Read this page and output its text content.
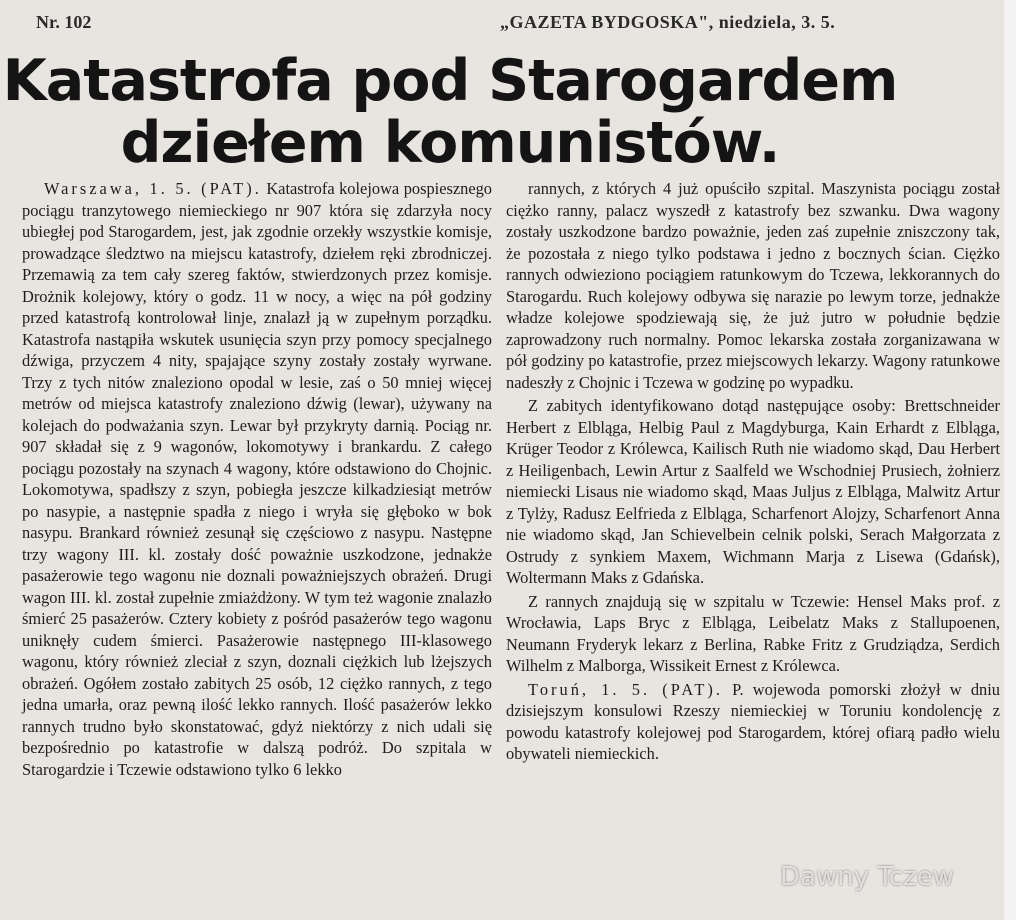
Nr. 102	„GAZETA BYDGOSKA", niedziela, 3. 5.
Katastrofa pod Starogardem
dziełem komunistów.

Warszawa, 1. 5. (PAT). Katastrofa kolejowa pospiesznego pociągu tranzytowego niemieckiego nr 907 która się zdarzyła nocy ubiegłej pod Starogardem, jest, jak zgodnie orzekły wszystkie komisje, prowadzące śledztwo na miejscu katastrofy, dziełem ręki zbrodniczej. Przemawią za tem cały szereg faktów, stwierdzonych przez komisje. Drożnik kolejowy, który o godz. 11 w nocy, a więc na pół godziny przed katastrofą kontrolował linje, znalazł ją w zupełnym porządku. Katastrofa nastąpiła wskutek usunięcia szyn przy pomocy specjalnego dźwiga, przyczem 4 nity, spajające szyny zostały zostały wyrwane. Trzy z tych nitów znaleziono opodal w lesie, zaś o 50 mniej więcej metrów od miejsca katastrofy znaleziono dźwig (lewar), używany na kolejach do podważania szyn. Lewar był przykryty darnią. Pociąg nr. 907 składał się z 9 wagonów, lokomotywy i brankardu. Z całego pociągu pozostały na szynach 4 wagony, które odstawiono do Chojnic. Lokomotywa, spadłszy z szyn, pobiegła jeszcze kilkadziesiąt metrów po nasypie, a następnie spadła z niego i wryła się głęboko w bok nasypu. Brankard również zesunął się częściowo z nasypu. Następne trzy wagony III. kl. zostały dość poważnie uszkodzone, jednakże pasażerowie tego wagonu nie doznali poważniejszych obrażeń. Drugi wagon III. kl. został zupełnie zmiażdżony. W tym też wagonie znalazło śmierć 25 pasażerów. Cztery kobiety z pośród pasażerów tego wagonu uniknęły cudem śmierci. Pasażerowie następnego III-klasowego wagonu, który również zleciał z szyn, doznali ciężkich lub lżejszych obrażeń. Ogółem zostało zabitych 25 osób, 12 ciężko rannych, z tego jedna umarła, oraz pewną ilość lekko rannych. Ilość pasażerów lekko rannych trudno było skonstatować, gdyż niektórzy z nich udali się bezpośrednio po katastrofie w dalszą podróż. Do szpitala w Starogardzie i Tczewie odstawiono tylko 6 lekko

rannych, z których 4 już opuściło szpital. Maszynista pociągu został ciężko ranny, palacz wyszedł z katastrofy bez szwanku. Dwa wagony zostały uszkodzone bardzo poważnie, jeden zaś zupełnie zniszczony tak, że pozostała z niego tylko podstawa i jedno z bocznych ścian. Ciężko rannych odwieziono pociągiem ratunkowym do Tczewa, lekkorannych do Starogardu. Ruch kolejowy odbywa się narazie po lewym torze, jednakże władze kolejowe spodziewają się, że już jutro w południe będzie zaprowadzony ruch normalny. Pomoc lekarska została zorganizawana w pół godziny po katastrofie, przez miejscowych lekarzy. Wagony ratunkowe nadeszły z Chojnic i Tczewa w godzinę po wypadku.

Z zabitych identyfikowano dotąd następujące osoby: Brettschneider Herbert z Elbląga, Helbig Paul z Magdyburga, Kain Erhardt z Elbląga, Krüger Teodor z Królewca, Kailisch Ruth nie wiadomo skąd, Dau Herbert z Heiligenbach, Lewin Artur z Saalfeld we Wschodniej Prusiech, żołnierz niemiecki Lisaus nie wiadomo skąd, Maas Juljus z Elbląga, Malwitz Artur z Tylży, Radusz Eelfrieda z Elbląga, Scharfenort Alojzy, Scharfenort Anna nie wiadomo skąd, Jan Schievelbein celnik polski, Serach Małgorzata z Ostrudy z synkiem Maxem, Wichmann Marja z Lisewa (Gdańsk), Woltermann Maks z Gdańska.

Z rannych znajdują się w szpitalu w Tczewie: Hensel Maks prof. z Wrocławia, Laps Bryc z Elbląga, Leibelatz Maks z Stallupoenen, Neumann Fryderyk lekarz z Berlina, Rabke Fritz z Grudziądza, Serdich Wilhelm z Malborga, Wissikeit Ernest z Królewca.

Toruń, 1. 5. (PAT). P. wojewoda pomorski złożył w dniu dzisiejszym konsulowi Rzeszy niemieckiej w Toruniu kondolencję z powodu katastrofy kolejowej pod Starogardem, której ofiarą padło wielu obywateli niemieckich.

Dawny Tczew
